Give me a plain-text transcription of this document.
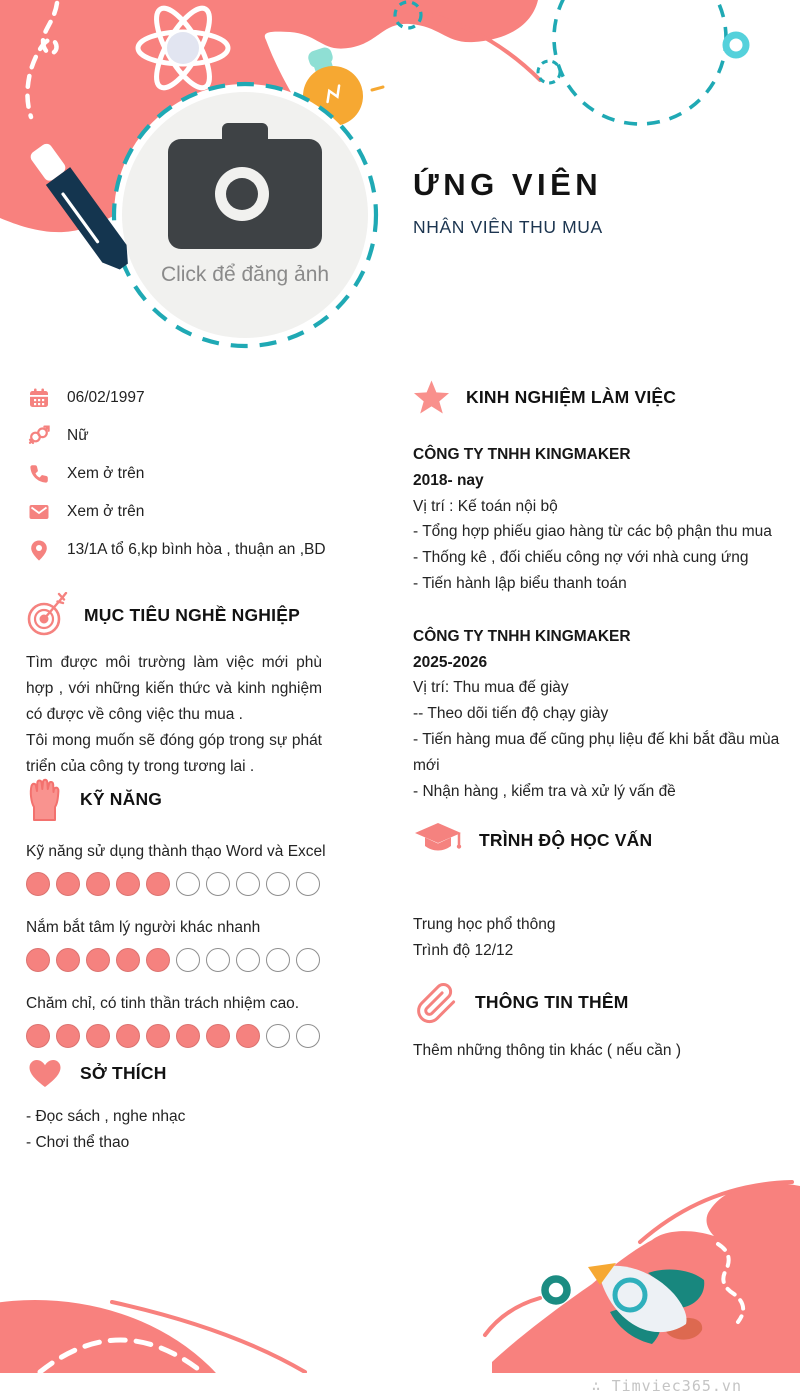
Click để đăng ảnh
ỨNG VIÊN
NHÂN VIÊN THU MUA
06/02/1997
Nữ
Xem ở trên
Xem ở trên
13/1A tổ 6,kp bình hòa , thuận an ,BD
MỤC TIÊU NGHỀ NGHIỆP

Tìm được môi trường làm việc mới phù hợp , với những kiến thức và kinh nghiệm có được về công việc thu mua .

Tôi mong muốn sẽ đóng góp trong sự phát triển của công ty trong tương lai .

KỸ NĂNG
Kỹ năng sử dụng thành thạo Word và Excel
Nắm bắt tâm lý người khác nhanh
Chăm chỉ, có tinh thần trách nhiệm cao.
SỞ THÍCH
- Đọc sách , nghe nhạc
- Chơi thể thao
KINH NGHIỆM LÀM VIỆC
CÔNG TY TNHH KINGMAKER
2018- nay
Vị trí : Kế toán nội bộ
- Tổng hợp phiếu giao hàng từ các bộ phận thu mua
- Thống kê , đối chiếu công nợ với nhà cung ứng
- Tiến hành lập biểu thanh toán
CÔNG TY TNHH KINGMAKER
2025-2026
Vị trí: Thu mua đế giày
-- Theo dõi tiến độ chạy giày
- Tiến hàng mua đế cũng phụ liệu đế khi bắt đầu mùa mới
- Nhận hàng , kiểm tra và xử lý vấn đề
TRÌNH ĐỘ HỌC VẤN
Trung học phổ thông
Trình độ 12/12
THÔNG TIN THÊM
Thêm những thông tin khác ( nếu cần )
∴ Timviec365.vn
